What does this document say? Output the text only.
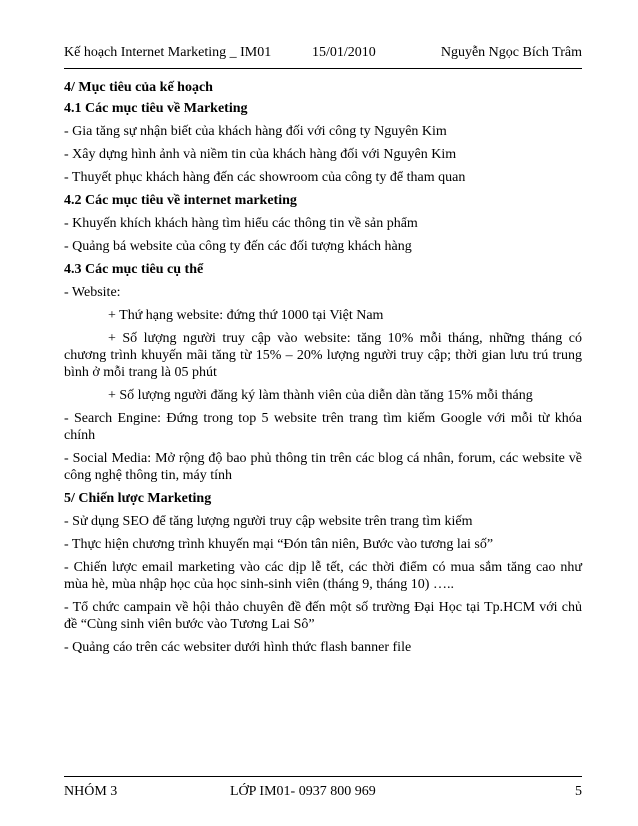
Kế hoạch Internet Marketing _ IM01	15/01/2010	Nguyễn Ngọc Bích Trâm
4/ Mục tiêu của kế hoạch
4.1 Các mục tiêu về Marketing

- Gia tăng sự nhận biết của khách hàng đối với công ty Nguyên Kim

- Xây dựng hình ảnh và niềm tin của khách hàng đối với Nguyên Kim

- Thuyết phục khách hàng đến các showroom của công ty để tham quan

4.2 Các mục tiêu về internet marketing

- Khuyến khích khách hàng tìm hiểu các thông tin về sản phẩm

- Quảng bá website của công ty đến các đối tượng khách hàng

4.3 Các mục tiêu cụ thể

- Website:

+ Thứ hạng website: đứng thứ 1000 tại Việt Nam

+ Số lượng người truy cập vào website: tăng 10% mỗi tháng, những tháng có chương trình khuyến mãi tăng từ 15% – 20% lượng người truy cập; thời gian lưu trú trung bình ở mỗi trang là 05 phút

+ Số lượng người đăng ký làm thành viên của diễn dàn tăng 15% mỗi tháng

- Search Engine: Đứng trong top 5 website trên trang tìm kiếm Google với mỗi từ khóa chính

- Social Media: Mở rộng độ bao phủ thông tin trên các blog cá nhân, forum, các website về công nghệ thông tin, máy tính

5/ Chiến lược Marketing

- Sử dụng SEO để tăng lượng người truy cập website trên trang tìm kiếm

- Thực hiện chương trình khuyến mại “Đón tân niên, Bước vào tương lai số”

- Chiến lược email marketing vào các dịp lễ tết, các thời điểm có mua sắm tăng cao như mùa hè, mùa nhập học của học sinh-sinh viên (tháng 9, tháng 10) …..

- Tổ chức campain về hội thảo chuyên đề đến một số trường Đại Học tại Tp.HCM với chủ đề “Cùng sinh viên bước vào Tương Lai Sô”

- Quảng cáo trên các websiter dưới hình thức flash banner file

NHÓM 3	LỚP IM01- 0937 800 969	5
